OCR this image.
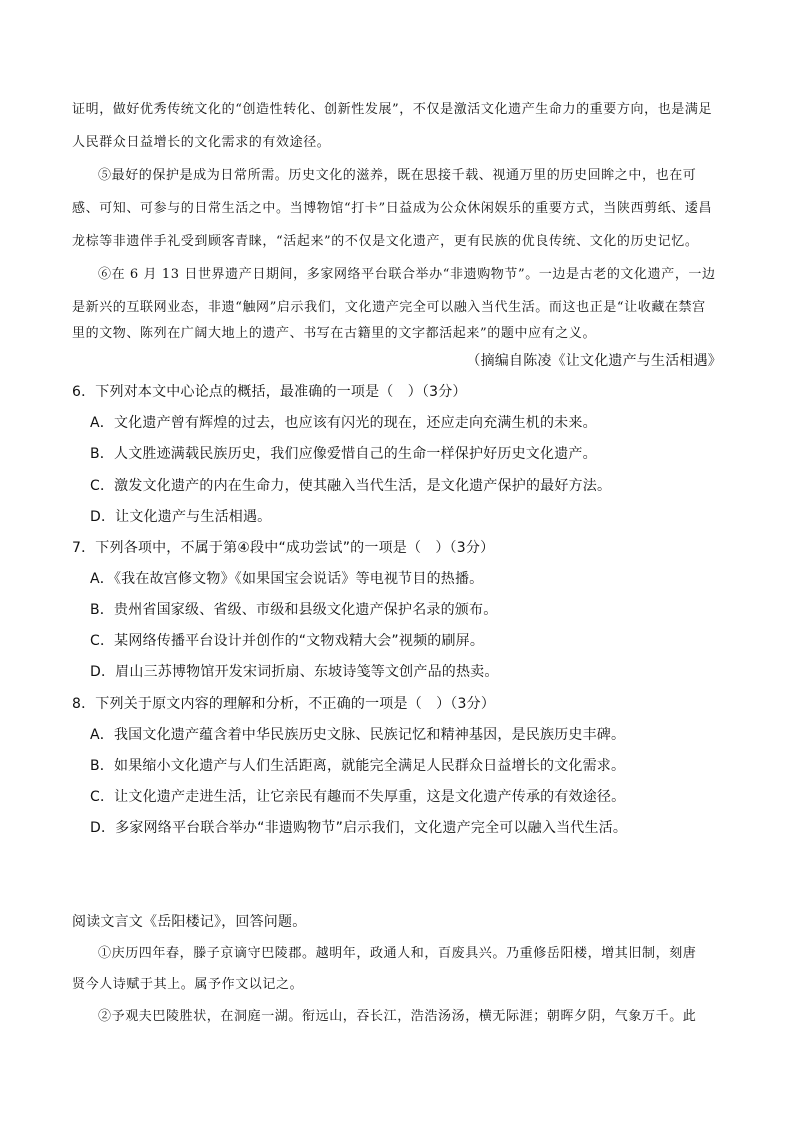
证明，做好优秀传统文化的“创造性转化、创新性发展”，不仅是激活文化遗产生命力的重要方向，也是满足
人民群众日益增长的文化需求的有效途径。
⑤最好的保护是成为日常所需。历史文化的滋养，既在思接千载、视通万里的历史回眸之中，也在可
感、可知、可参与的日常生活之中。当博物馆“打卡”日益成为公众休闲娱乐的重要方式，当陕西剪纸、逶昌
龙棕等非遗伴手礼受到顾客青睐，“活起来”的不仅是文化遗产，更有民族的优良传统、文化的历史记忆。
⑥在 6 月 13 日世界遗产日期间，多家网络平台联合举办“非遗购物节”。一边是古老的文化遗产，一边
是新兴的互联网业态，非遗“触网”启示我们，文化遗产完全可以融入当代生活。而这也正是“让收藏在禁宫
里的文物、陈列在广阔大地上的遗产、书写在古籍里的文字都活起来”的题中应有之义。
（摘编自陈凌《让文化遗产与生活相遇》
6．下列对本文中心论点的概括，最准确的一项是（　）（3分）
A．文化遗产曾有辉煌的过去，也应该有闪光的现在，还应走向充满生机的未来。
B．人文胜迹满载民族历史，我们应像爱惜自己的生命一样保护好历史文化遗产。
C．激发文化遗产的内在生命力，使其融入当代生活，是文化遗产保护的最好方法。
D．让文化遗产与生活相遇。
7．下列各项中，不属于第④段中“成功尝试”的一项是（　）（3分）
A．《我在故宫修文物》《如果国宝会说话》等电视节目的热播。
B．贵州省国家级、省级、市级和县级文化遗产保护名录的颁布。
C．某网络传播平台设计并创作的“文物戏精大会”视频的刷屏。
D．眉山三苏博物馆开发宋词折扇、东坡诗笺等文创产品的热卖。
8．下列关于原文内容的理解和分析，不正确的一项是（　）（3分）
A．我国文化遗产蕴含着中华民族历史文脉、民族记忆和精神基因，是民族历史丰碑。
B．如果缩小文化遗产与人们生活距离，就能完全满足人民群众日益增长的文化需求。
C．让文化遗产走进生活，让它亲民有趣而不失厚重，这是文化遗产传承的有效途径。
D．多家网络平台联合举办“非遗购物节”启示我们，文化遗产完全可以融入当代生活。
阅读文言文《岳阳楼记》，回答问题。
①庆历四年春，滕子京谪守巴陵郡。越明年，政通人和，百废具兴。乃重修岳阳楼，增其旧制，刻唐
贤今人诗赋于其上。属予作文以记之。
②予观夫巴陵胜状，在洞庭一湖。衔远山，吞长江，浩浩汤汤，横无际涯；朝晖夕阴，气象万千。此
